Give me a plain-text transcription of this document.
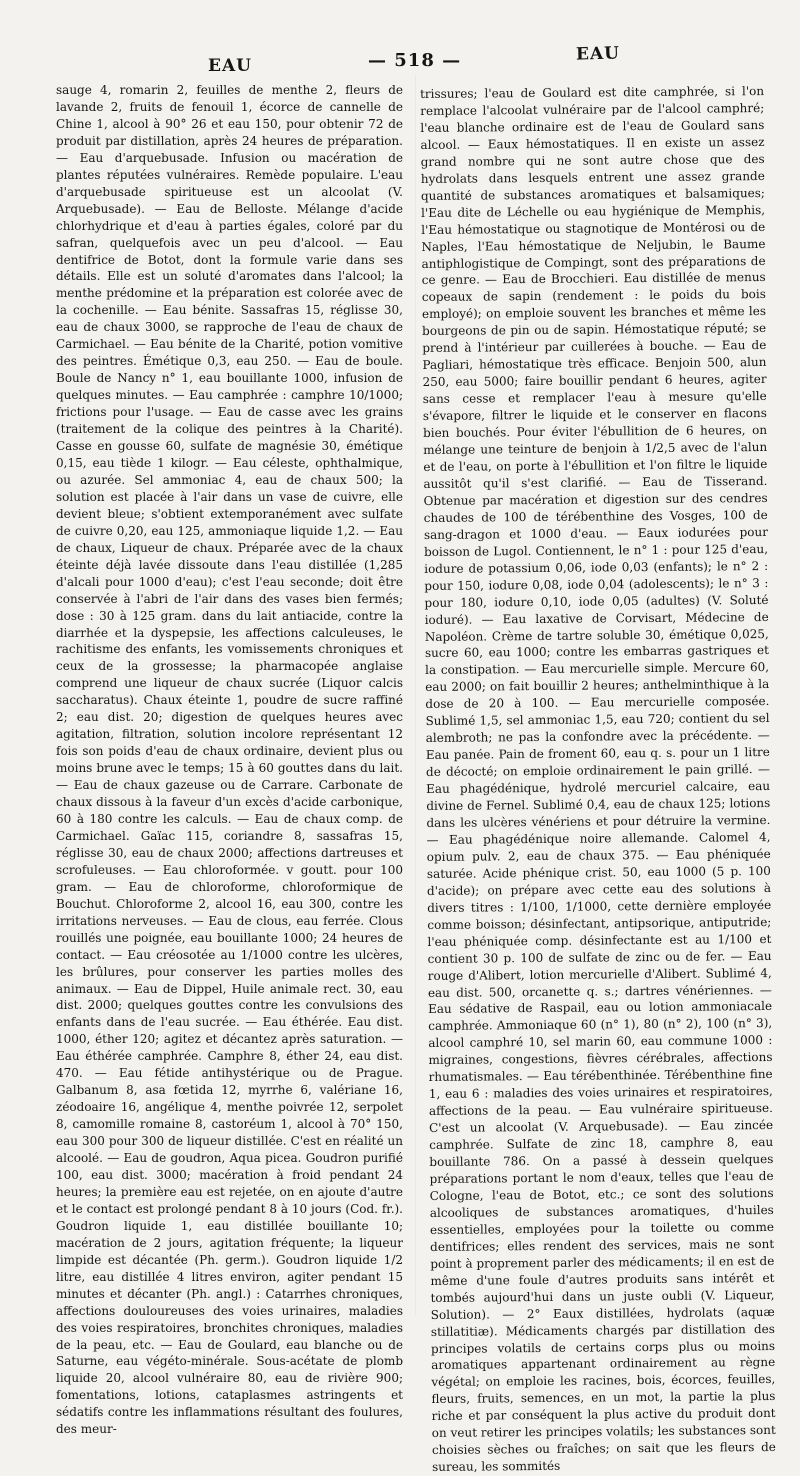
EAU	— 518 —	EAU

sauge 4, romarin 2, feuilles de menthe 2, fleurs de lavande 2, fruits de fenouil 1, écorce de cannelle de Chine 1, alcool à 90° 26 et eau 150, pour obtenir 72 de produit par distillation, après 24 heures de préparation. — Eau d'arquebusade. Infusion ou macération de plantes réputées vulnéraires. Remède populaire. L'eau d'arquebusade spiritueuse est un alcoolat (V. Arquebusade). — Eau de Belloste. Mélange d'acide chlorhydrique et d'eau à parties égales, coloré par du safran, quelquefois avec un peu d'alcool. — Eau dentifrice de Botot, dont la formule varie dans ses détails. Elle est un soluté d'aromates dans l'alcool; la menthe prédomine et la préparation est colorée avec de la cochenille. — Eau bénite. Sassafras 15, réglisse 30, eau de chaux 3000, se rapproche de l'eau de chaux de Carmichael. — Eau bénite de la Charité, potion vomitive des peintres. Émétique 0,3, eau 250. — Eau de boule. Boule de Nancy n° 1, eau bouillante 1000, infusion de quelques minutes. — Eau camphrée : camphre 10/1000; frictions pour l'usage. — Eau de casse avec les grains (traitement de la colique des peintres à la Charité). Casse en gousse 60, sulfate de magnésie 30, émétique 0,15, eau tiède 1 kilogr. — Eau céleste, ophthalmique, ou azurée. Sel ammoniac 4, eau de chaux 500; la solution est placée à l'air dans un vase de cuivre, elle devient bleue; s'obtient extemporanément avec sulfate de cuivre 0,20, eau 125, ammoniaque liquide 1,2. — Eau de chaux, Liqueur de chaux. Préparée avec de la chaux éteinte déjà lavée dissoute dans l'eau distillée (1,285 d'alcali pour 1000 d'eau); c'est l'eau seconde; doit être conservée à l'abri de l'air dans des vases bien fermés; dose : 30 à 125 gram. dans du lait antiacide, contre la diarrhée et la dyspepsie, les affections calculeuses, le rachitisme des enfants, les vomissements chroniques et ceux de la grossesse; la pharmacopée anglaise comprend une liqueur de chaux sucrée (Liquor calcis saccharatus). Chaux éteinte 1, poudre de sucre raffiné 2; eau dist. 20; digestion de quelques heures avec agitation, filtration, solution incolore représentant 12 fois son poids d'eau de chaux ordinaire, devient plus ou moins brune avec le temps; 15 à 60 gouttes dans du lait. — Eau de chaux gazeuse ou de Carrare. Carbonate de chaux dissous à la faveur d'un excès d'acide carbonique, 60 à 180 contre les calculs. — Eau de chaux comp. de Carmichael. Gaïac 115, coriandre 8, sassafras 15, réglisse 30, eau de chaux 2000; affections dartreuses et scrofuleuses. — Eau chloroformée. v goutt. pour 100 gram. — Eau de chloroforme, chloroformique de Bouchut. Chloroforme 2, alcool 16, eau 300, contre les irritations nerveuses. — Eau de clous, eau ferrée. Clous rouillés une poignée, eau bouillante 1000; 24 heures de contact. — Eau créosotée au 1/1000 contre les ulcères, les brûlures, pour conserver les parties molles des animaux. — Eau de Dippel, Huile animale rect. 30, eau dist. 2000; quelques gouttes contre les convulsions des enfants dans de l'eau sucrée. — Eau éthérée. Eau dist. 1000, éther 120; agitez et décantez après saturation. — Eau éthérée camphrée. Camphre 8, éther 24, eau dist. 470. — Eau fétide antihystérique ou de Prague. Galbanum 8, asa fœtida 12, myrrhe 6, valériane 16, zéodoaire 16, angélique 4, menthe poivrée 12, serpolet 8, camomille romaine 8, castoréum 1, alcool à 70° 150, eau 300 pour 300 de liqueur distillée. C'est en réalité un alcoolé. — Eau de goudron, Aqua picea. Goudron purifié 100, eau dist. 3000; macération à froid pendant 24 heures; la première eau est rejetée, on en ajoute d'autre et le contact est prolongé pendant 8 à 10 jours (Cod. fr.). Goudron liquide 1, eau distillée bouillante 10; macération de 2 jours, agitation fréquente; la liqueur limpide est décantée (Ph. germ.). Goudron liquide 1/2 litre, eau distillée 4 litres environ, agiter pendant 15 minutes et décanter (Ph. angl.) : Catarrhes chroniques, affections douloureuses des voies urinaires, maladies des voies respiratoires, bronchites chroniques, maladies de la peau, etc. — Eau de Goulard, eau blanche ou de Saturne, eau végéto-minérale. Sous-acétate de plomb liquide 20, alcool vulnéraire 80, eau de rivière 900; fomentations, lotions, cataplasmes astringents et sédatifs contre les inflammations résultant des foulures, des meur-

trissures; l'eau de Goulard est dite camphrée, si l'on remplace l'alcoolat vulnéraire par de l'alcool camphré; l'eau blanche ordinaire est de l'eau de Goulard sans alcool. — Eaux hémostatiques. Il en existe un assez grand nombre qui ne sont autre chose que des hydrolats dans lesquels entrent une assez grande quantité de substances aromatiques et balsamiques; l'Eau dite de Léchelle ou eau hygiénique de Memphis, l'Eau hémostatique ou stagnotique de Montérosi ou de Naples, l'Eau hémostatique de Neljubin, le Baume antiphlogistique de Compingt, sont des préparations de ce genre. — Eau de Brocchieri. Eau distillée de menus copeaux de sapin (rendement : le poids du bois employé); on emploie souvent les branches et même les bourgeons de pin ou de sapin. Hémostatique réputé; se prend à l'intérieur par cuillerées à bouche. — Eau de Pagliari, hémostatique très efficace. Benjoin 500, alun 250, eau 5000; faire bouillir pendant 6 heures, agiter sans cesse et remplacer l'eau à mesure qu'elle s'évapore, filtrer le liquide et le conserver en flacons bien bouchés. Pour éviter l'ébullition de 6 heures, on mélange une teinture de benjoin à 1/2,5 avec de l'alun et de l'eau, on porte à l'ébullition et l'on filtre le liquide aussitôt qu'il s'est clarifié. — Eau de Tisserand. Obtenue par macération et digestion sur des cendres chaudes de 100 de térébenthine des Vosges, 100 de sang-dragon et 1000 d'eau. — Eaux iodurées pour boisson de Lugol. Contiennent, le n° 1 : pour 125 d'eau, iodure de potassium 0,06, iode 0,03 (enfants); le n° 2 : pour 150, iodure 0,08, iode 0,04 (adolescents); le n° 3 : pour 180, iodure 0,10, iode 0,05 (adultes) (V. Soluté ioduré). — Eau laxative de Corvisart, Médecine de Napoléon. Crème de tartre soluble 30, émétique 0,025, sucre 60, eau 1000; contre les embarras gastriques et la constipation. — Eau mercurielle simple. Mercure 60, eau 2000; on fait bouillir 2 heures; anthelminthique à la dose de 20 à 100. — Eau mercurielle composée. Sublimé 1,5, sel ammoniac 1,5, eau 720; contient du sel alembroth; ne pas la confondre avec la précédente. — Eau panée. Pain de froment 60, eau q. s. pour un 1 litre de décocté; on emploie ordinairement le pain grillé. — Eau phagédénique, hydrolé mercuriel calcaire, eau divine de Fernel. Sublimé 0,4, eau de chaux 125; lotions dans les ulcères vénériens et pour détruire la vermine. — Eau phagédénique noire allemande. Calomel 4, opium pulv. 2, eau de chaux 375. — Eau phéniquée saturée. Acide phénique crist. 50, eau 1000 (5 p. 100 d'acide); on prépare avec cette eau des solutions à divers titres : 1/100, 1/1000, cette dernière employée comme boisson; désinfectant, antipsorique, antiputride; l'eau phéniquée comp. désinfectante est au 1/100 et contient 30 p. 100 de sulfate de zinc ou de fer. — Eau rouge d'Alibert, lotion mercurielle d'Alibert. Sublimé 4, eau dist. 500, orcanette q. s.; dartres vénériennes. — Eau sédative de Raspail, eau ou lotion ammoniacale camphrée. Ammoniaque 60 (n° 1), 80 (n° 2), 100 (n° 3), alcool camphré 10, sel marin 60, eau commune 1000 : migraines, congestions, fièvres cérébrales, affections rhumatismales. — Eau térébenthinée. Térébenthine fine 1, eau 6 : maladies des voies urinaires et respiratoires, affections de la peau. — Eau vulnéraire spiritueuse. C'est un alcoolat (V. Arquebusade). — Eau zincée camphrée. Sulfate de zinc 18, camphre 8, eau bouillante 786. On a passé à dessein quelques préparations portant le nom d'eaux, telles que l'eau de Cologne, l'eau de Botot, etc.; ce sont des solutions alcooliques de substances aromatiques, d'huiles essentielles, employées pour la toilette ou comme dentifrices; elles rendent des services, mais ne sont point à proprement parler des médicaments; il en est de même d'une foule d'autres produits sans intérêt et tombés aujourd'hui dans un juste oubli (V. Liqueur, Solution). — 2° Eaux distillées, hydrolats (aquæ stillatitiæ). Médicaments chargés par distillation des principes volatils de certains corps plus ou moins aromatiques appartenant ordinairement au règne végétal; on emploie les racines, bois, écorces, feuilles, fleurs, fruits, semences, en un mot, la partie la plus riche et par conséquent la plus active du produit dont on veut retirer les principes volatils; les substances sont choisies sèches ou fraîches; on sait que les fleurs de sureau, les sommités
